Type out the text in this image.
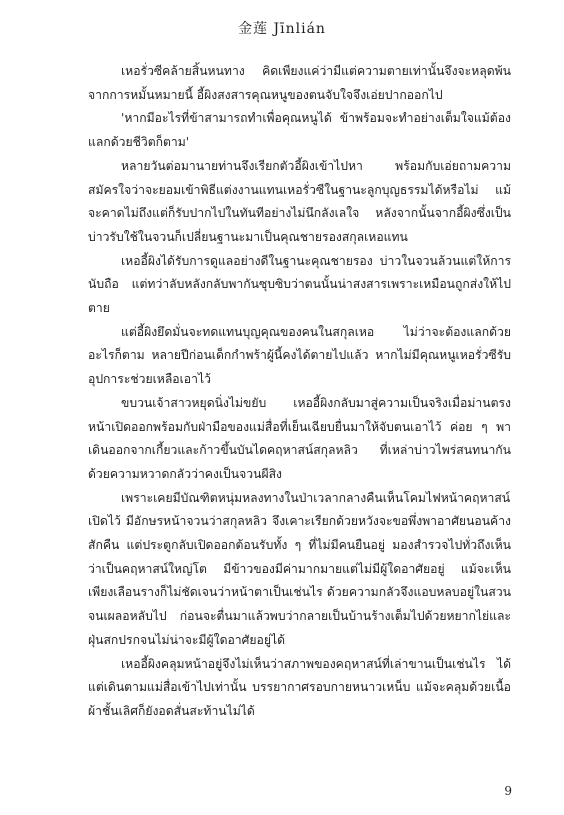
金莲 Jīnlián

เหอรั่วซีคล้ายสิ้นหนทาง คิดเพียงแค่ว่ามีแต่ความตายเท่านั้นจึงจะหลุดพ้นจากการหมั้นหมายนี้ อี้ผิงสงสารคุณหนูของตนจับใจจึงเอ่ยปากออกไป

'หากมีอะไรที่ข้าสามารถทำเพื่อคุณหนูได้ ข้าพร้อมจะทำอย่างเต็มใจแม้ต้องแลกด้วยชีวิตก็ตาม'

หลายวันต่อมานายท่านจึงเรียกตัวอี้ผิงเข้าไปหา พร้อมกับเอ่ยถามความสมัครใจว่าจะยอมเข้าพิธีแต่งงานแทนเหอรั่วซีในฐานะลูกบุญธรรมได้หรือไม่ แม้จะคาดไม่ถึงแต่ก็รับปากไปในทันทีอย่างไม่นึกลังเลใจ หลังจากนั้นจากอี้ผิงซึ่งเป็นบ่าวรับใช้ในจวนก็เปลี่ยนฐานะมาเป็นคุณชายรองสกุลเหอแทน

เหออี้ผิงได้รับการดูแลอย่างดีในฐานะคุณชายรอง บ่าวในจวนล้วนแต่ให้การนับถือ แต่ทว่าลับหลังกลับพากันซุบซิบว่าตนนั้นน่าสงสารเพราะเหมือนถูกส่งให้ไปตาย

แต่อี้ผิงยึดมั่นจะทดแทนบุญคุณของคนในสกุลเหอ ไม่ว่าจะต้องแลกด้วยอะไรก็ตาม หลายปีก่อนเด็กกำพร้าผู้นี้คงได้ตายไปแล้ว หากไม่มีคุณหนูเหอรั่วซีรับอุปการะช่วยเหลือเอาไว้

ขบวนเจ้าสาวหยุดนิ่งไม่ขยับ เหออี้ผิงกลับมาสู่ความเป็นจริงเมื่อม่านตรงหน้าเปิดออกพร้อมกับฝ่ามือของแม่สื่อที่เย็นเฉียบยื่นมาให้จับตนเอาไว้ ค่อย ๆ พาเดินออกจากเกี้ยวและก้าวขึ้นบันไดคฤหาสน์สกุลหลิว ที่เหล่าบ่าวไพร่สนทนากันด้วยความหวาดกลัวว่าคงเป็นจวนผีสิง

เพราะเคยมีบัณฑิตหนุ่มหลงทางในป่าเวลากลางคืนเห็นโคมไฟหน้าคฤหาสน์เปิดไว้ มีอักษรหน้าจวนว่าสกุลหลิว จึงเคาะเรียกด้วยหวังจะขอพึ่งพาอาศัยนอนค้างสักคืน แต่ประตูกลับเปิดออกต้อนรับทั้ง ๆ ที่ไม่มีคนยืนอยู่ มองสำรวจไปทั่วถึงเห็นว่าเป็นคฤหาสน์ใหญ่โต มีข้าวของมีค่ามากมายแต่ไม่มีผู้ใดอาศัยอยู่ แม้จะเห็นเพียงเลือนรางก็ไม่ชัดเจนว่าหน้าตาเป็นเช่นไร ด้วยความกลัวจึงแอบหลบอยู่ในสวนจนเผลอหลับไป ก่อนจะตื่นมาแล้วพบว่ากลายเป็นบ้านร้างเต็มไปด้วยหยากไย่และฝุ่นสกปรกจนไม่น่าจะมีผู้ใดอาศัยอยู่ได้

เหออี้ผิงคลุมหน้าอยู่จึงไม่เห็นว่าสภาพของคฤหาสน์ที่เล่าขานเป็นเช่นไร ได้แต่เดินตามแม่สื่อเข้าไปเท่านั้น บรรยากาศรอบกายหนาวเหน็บ แม้จะคลุมด้วยเนื้อผ้าชั้นเลิศก็ยังอดสั่นสะท้านไม่ได้

9
